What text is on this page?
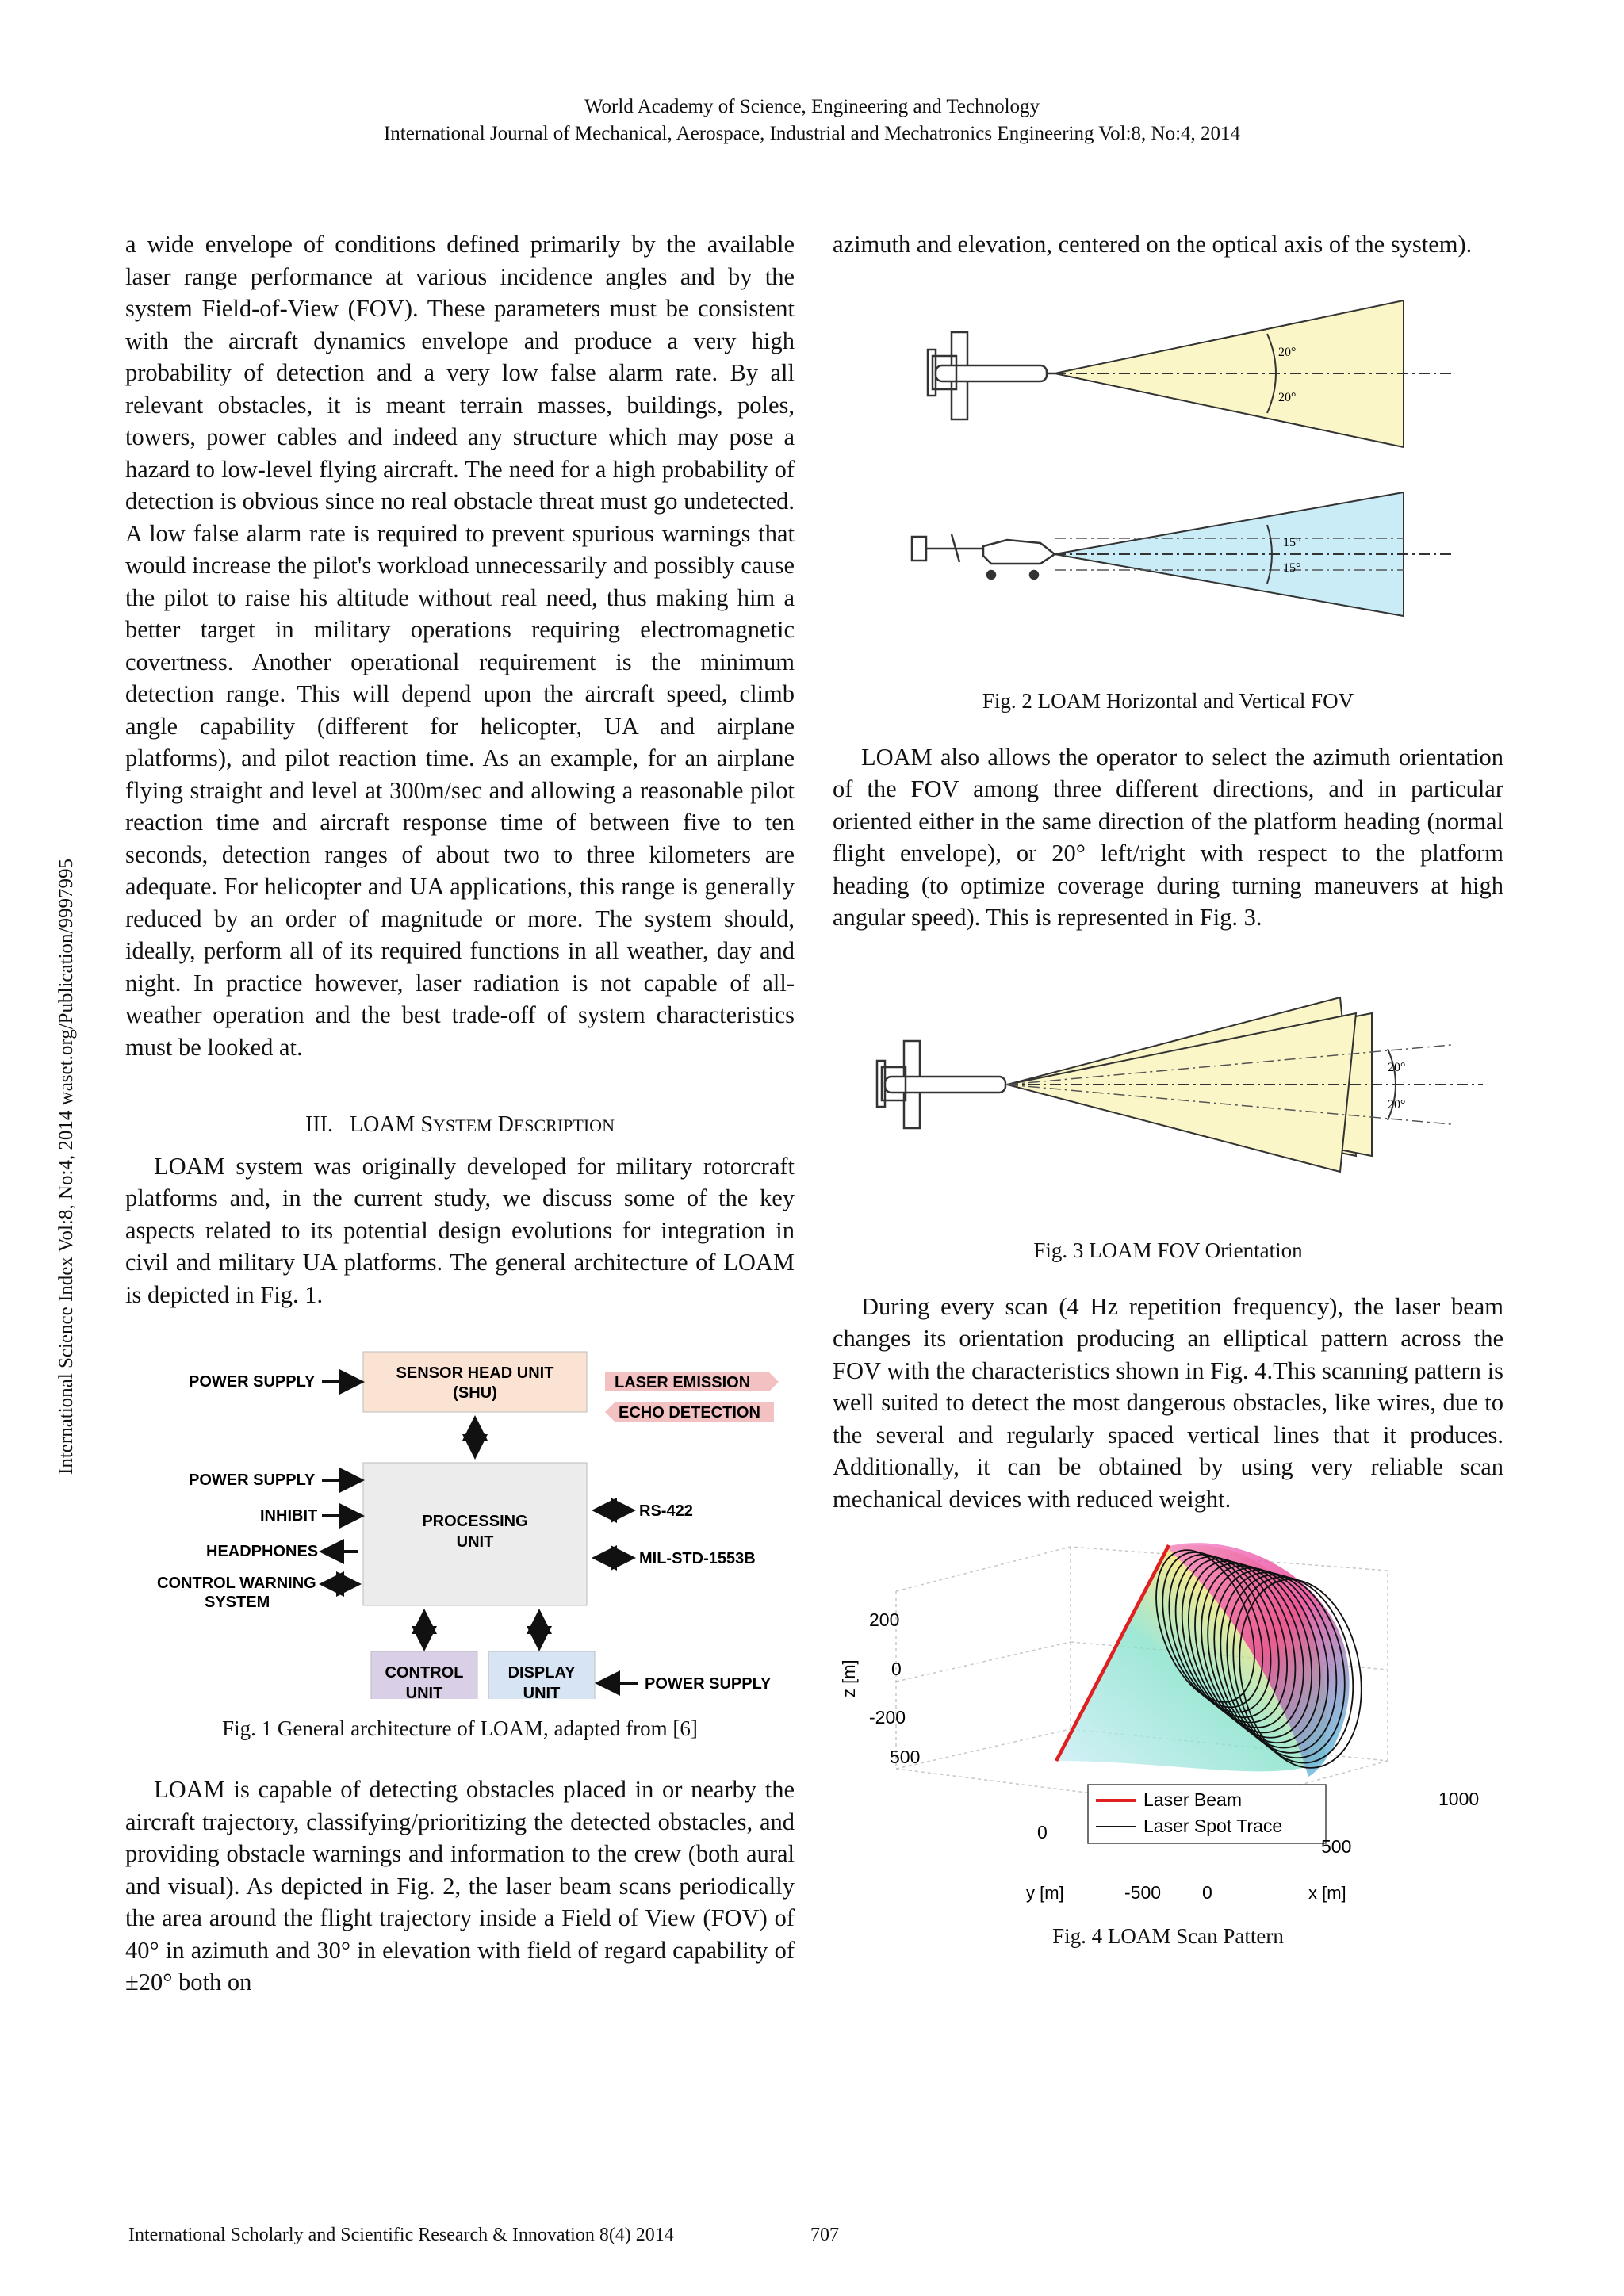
World Academy of Science, Engineering and Technology
International Journal of Mechanical, Aerospace, Industrial and Mechatronics Engineering Vol:8, No:4, 2014
International Science Index Vol:8, No:4, 2014 waset.org/Publication/9997995

a wide envelope of conditions defined primarily by the available laser range performance at various incidence angles and by the system Field-of-View (FOV). These parameters must be consistent with the aircraft dynamics envelope and produce a very high probability of detection and a very low false alarm rate. By all relevant obstacles, it is meant terrain masses, buildings, poles, towers, power cables and indeed any structure which may pose a hazard to low-level flying aircraft. The need for a high probability of detection is obvious since no real obstacle threat must go undetected. A low false alarm rate is required to prevent spurious warnings that would increase the pilot's workload unnecessarily and possibly cause the pilot to raise his altitude without real need, thus making him a better target in military operations requiring electromagnetic covertness. Another operational requirement is the minimum detection range. This will depend upon the aircraft speed, climb angle capability (different for helicopter, UA and airplane platforms), and pilot reaction time. As an example, for an airplane flying straight and level at 300m/sec and allowing a reasonable pilot reaction time and aircraft response time of between five to ten seconds, detection ranges of about two to three kilometers are adequate. For helicopter and UA applications, this range is generally reduced by an order of magnitude or more. The system should, ideally, perform all of its required functions in all weather, day and night. In practice however, laser radiation is not capable of all-weather operation and the best trade-off of system characteristics must be looked at.

III. LOAM SYSTEM DESCRIPTION

LOAM system was originally developed for military rotorcraft platforms and, in the current study, we discuss some of the key aspects related to its potential design evolutions for integration in civil and military UA platforms. The general architecture of LOAM is depicted in Fig. 1.

SENSOR HEAD UNIT
(SHU)
POWER SUPPLY	LASER EMISSION
ECHO DETECTION
PROCESSING
UNIT
POWER SUPPLY
INHIBIT
HEADPHONES
CONTROL WARNING
SYSTEM
RS-422
MIL-STD-1553B
CONTROL
UNIT
DISPLAY
UNIT
POWER SUPPLY
Fig. 1 General architecture of LOAM, adapted from [6]

LOAM is capable of detecting obstacles placed in or nearby the aircraft trajectory, classifying/prioritizing the detected obstacles, and providing obstacle warnings and information to the crew (both aural and visual). As depicted in Fig. 2, the laser beam scans periodically the area around the flight trajectory inside a Field of View (FOV) of 40° in azimuth and 30° in elevation with field of regard capability of ±20° both on

azimuth and elevation, centered on the optical axis of the system).

20°
20°
15°
15°
Fig. 2 LOAM Horizontal and Vertical FOV

LOAM also allows the operator to select the azimuth orientation of the FOV among three different directions, and in particular oriented either in the same direction of the platform heading (normal flight envelope), or 20° left/right with respect to the platform heading (to optimize coverage during turning maneuvers at high angular speed). This is represented in Fig. 3.

20°
20°
Fig. 3 LOAM FOV Orientation

During every scan (4 Hz repetition frequency), the laser beam changes its orientation producing an elliptical pattern across the FOV with the characteristics shown in Fig. 4.This scanning pattern is well suited to detect the most dangerous obstacles, like wires, due to the several and regularly spaced vertical lines that it produces. Additionally, it can be obtained by using very reliable scan mechanical devices with reduced weight.

Laser Beam
Laser Spot Trace
z [m]
200
0
-200
500
0
-500
y [m]	0
500
1000
x [m]
Fig. 4 LOAM Scan Pattern
International Scholarly and Scientific Research & Innovation 8(4) 2014	707
